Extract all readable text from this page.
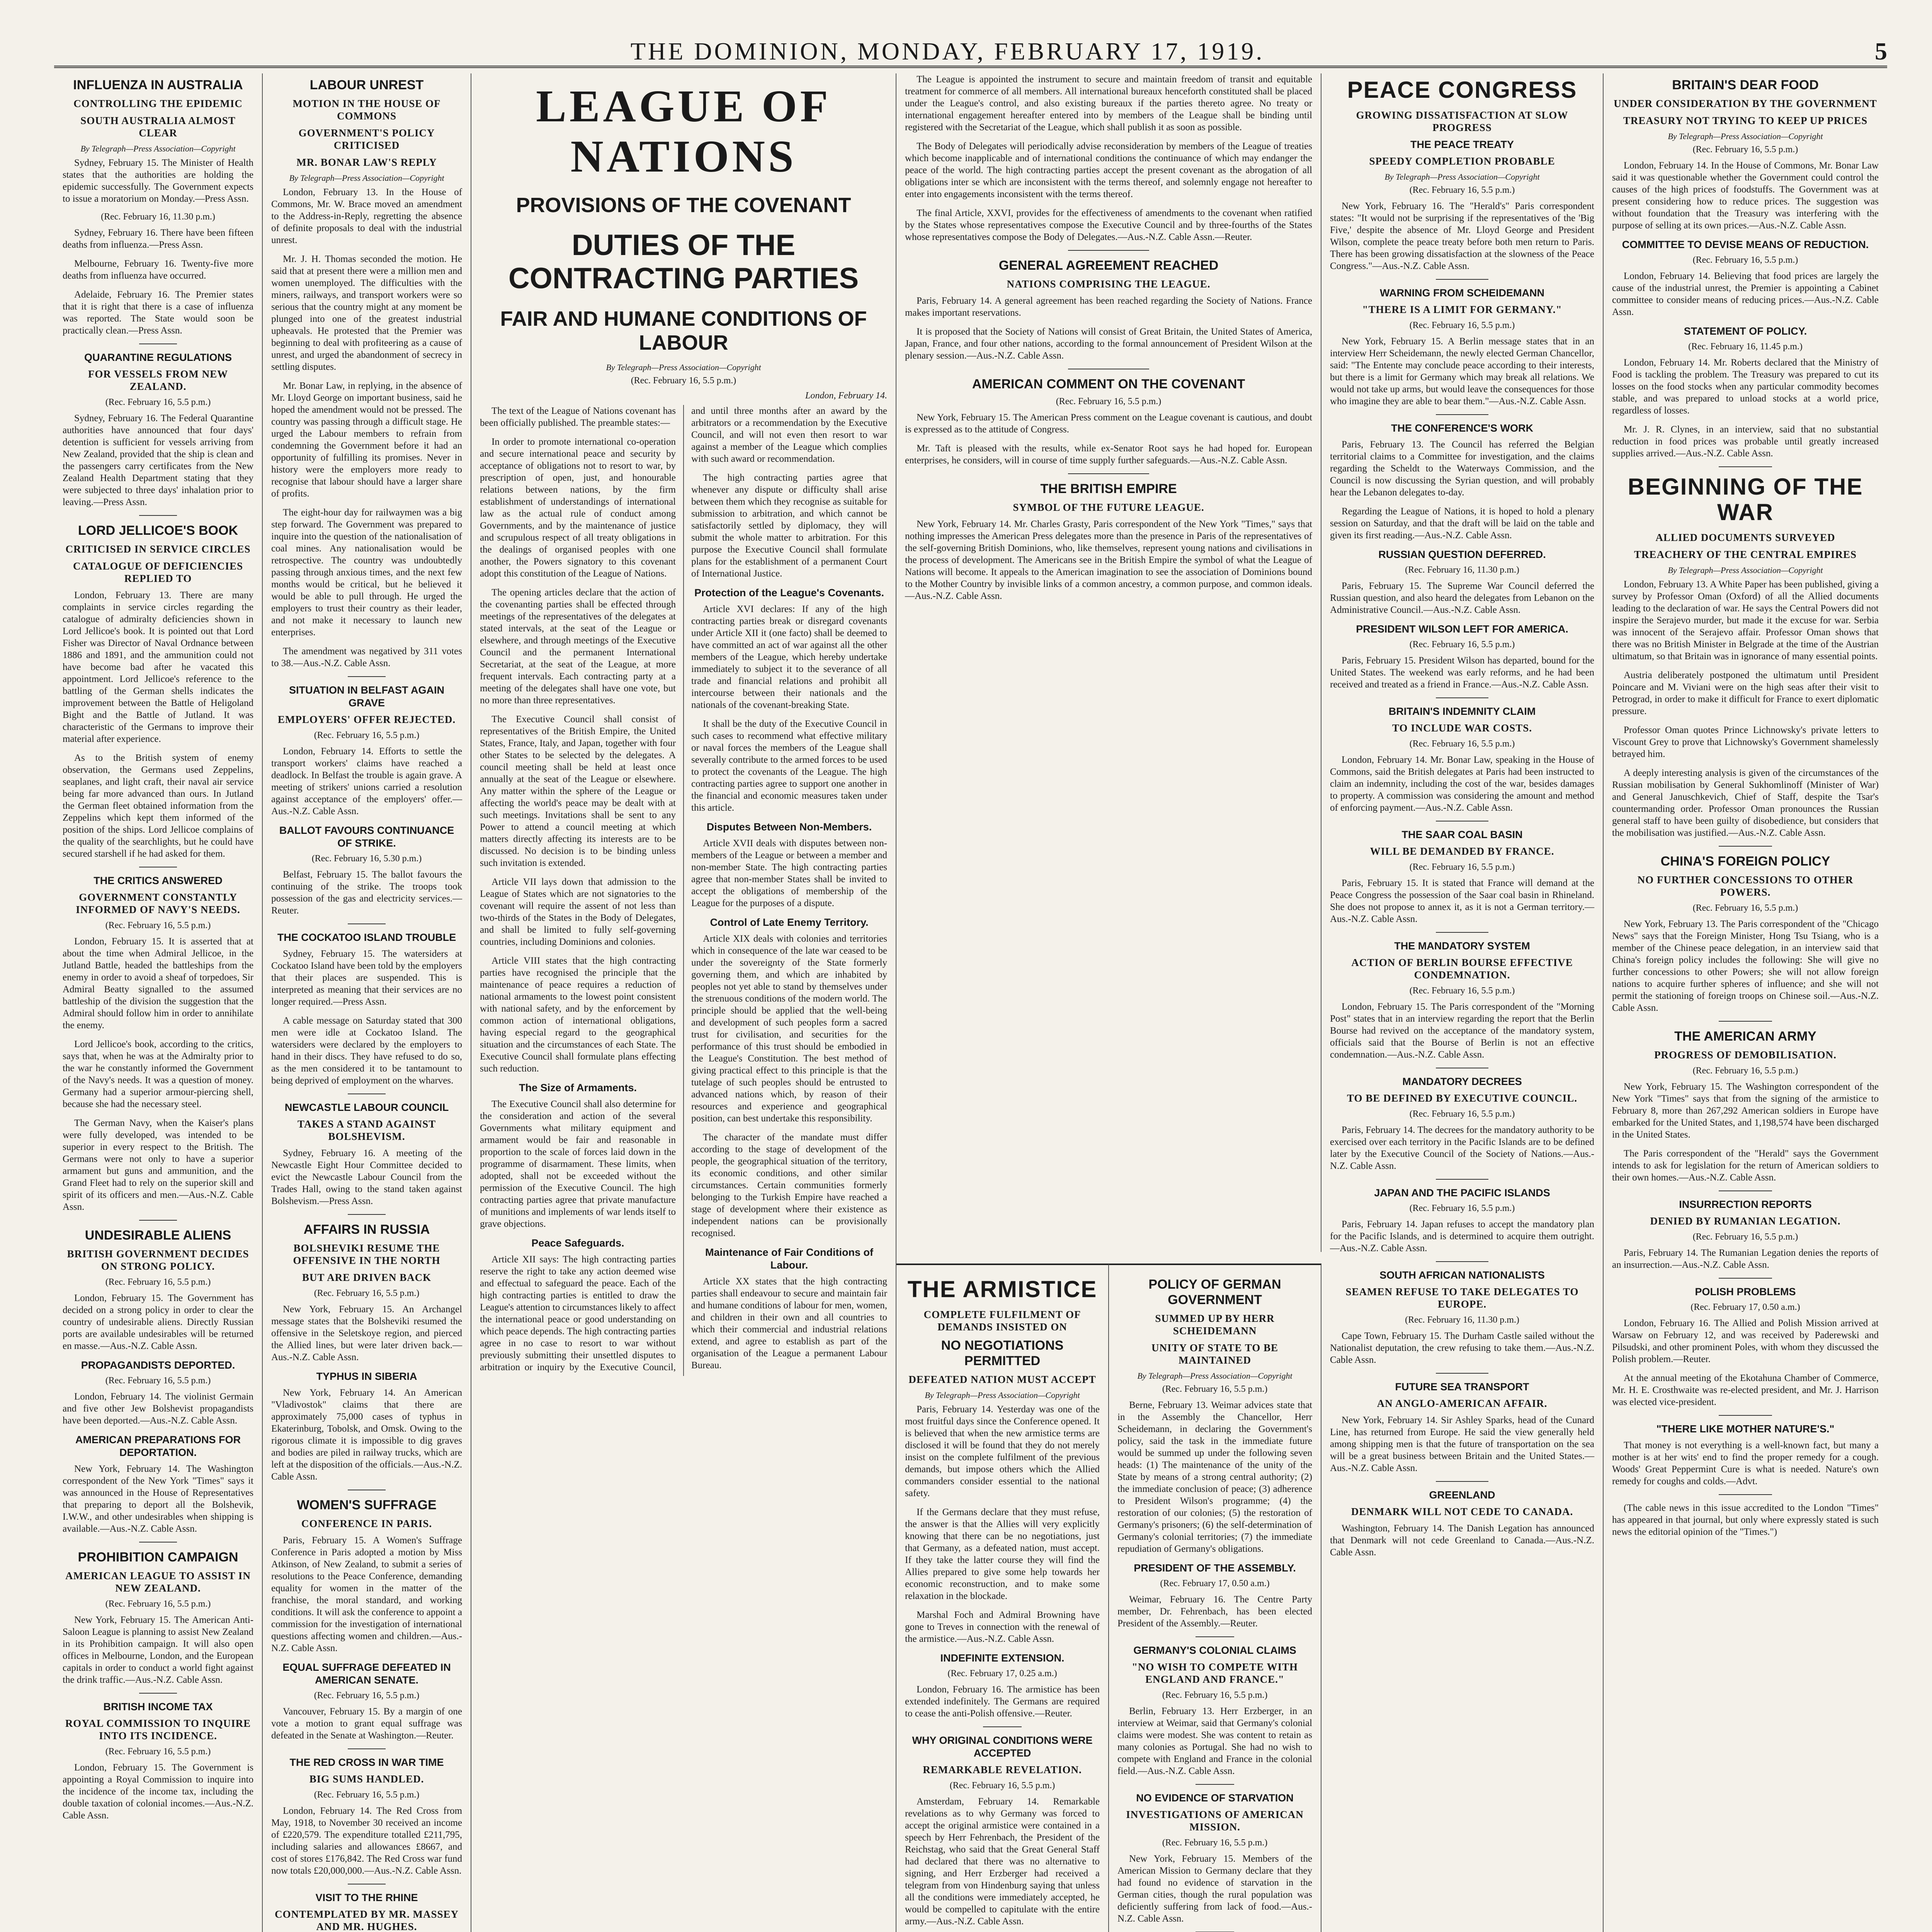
THE DOMINION, MONDAY, FEBRUARY 17, 1919.	5
INFLUENZA IN AUSTRALIA
CONTROLLING THE EPIDEMIC
SOUTH AUSTRALIA ALMOST CLEAR
By Telegraph—Press Association—Copyright

Sydney, February 15. The Minister of Health states that the authorities are holding the epidemic successfully. The Government expects to issue a moratorium on Monday.—Press Assn.

(Rec. February 16, 11.30 p.m.)

Sydney, February 16. There have been fifteen deaths from influenza.—Press Assn.

Melbourne, February 16. Twenty-five more deaths from influenza have occurred.

Adelaide, February 16. The Premier states that it is right that there is a case of influenza was reported. The State would soon be practically clean.—Press Assn.

QUARANTINE REGULATIONS
FOR VESSELS FROM NEW ZEALAND.
(Rec. February 16, 5.5 p.m.)

Sydney, February 16. The Federal Quarantine authorities have announced that four days' detention is sufficient for vessels arriving from New Zealand, provided that the ship is clean and the passengers carry certificates from the New Zealand Health Department stating that they were subjected to three days' inhalation prior to leaving.—Press Assn.

LORD JELLICOE'S BOOK
CRITICISED IN SERVICE CIRCLES
CATALOGUE OF DEFICIENCIES REPLIED TO

London, February 13. There are many complaints in service circles regarding the catalogue of admiralty deficiencies shown in Lord Jellicoe's book. It is pointed out that Lord Fisher was Director of Naval Ordnance between 1886 and 1891, and the ammunition could not have become bad after he vacated this appointment. Lord Jellicoe's reference to the battling of the German shells indicates the improvement between the Battle of Heligoland Bight and the Battle of Jutland. It was characteristic of the Germans to improve their material after experience.

As to the British system of enemy observation, the Germans used Zeppelins, seaplanes, and light craft, their naval air service being far more advanced than ours. In Jutland the German fleet obtained information from the Zeppelins which kept them informed of the position of the ships. Lord Jellicoe complains of the quality of the searchlights, but he could have secured starshell if he had asked for them.

THE CRITICS ANSWERED
GOVERNMENT CONSTANTLY INFORMED OF NAVY'S NEEDS.
(Rec. February 16, 5.5 p.m.)

London, February 15. It is asserted that at about the time when Admiral Jellicoe, in the Jutland Battle, headed the battleships from the enemy in order to avoid a sheaf of torpedoes, Sir Admiral Beatty signalled to the assumed battleship of the division the suggestion that the Admiral should follow him in order to annihilate the enemy.

Lord Jellicoe's book, according to the critics, says that, when he was at the Admiralty prior to the war he constantly informed the Government of the Navy's needs. It was a question of money. Germany had a superior armour-piercing shell, because she had the necessary steel.

The German Navy, when the Kaiser's plans were fully developed, was intended to be superior in every respect to the British. The Germans were not only to have a superior armament but guns and ammunition, and the Grand Fleet had to rely on the superior skill and spirit of its officers and men.—Aus.-N.Z. Cable Assn.

UNDESIRABLE ALIENS
BRITISH GOVERNMENT DECIDES ON STRONG POLICY.
(Rec. February 16, 5.5 p.m.)

London, February 15. The Government has decided on a strong policy in order to clear the country of undesirable aliens. Directly Russian ports are available undesirables will be returned en masse.—Aus.-N.Z. Cable Assn.

PROPAGANDISTS DEPORTED.
(Rec. February 16, 5.5 p.m.)

London, February 14. The violinist Germain and five other Jew Bolshevist propagandists have been deported.—Aus.-N.Z. Cable Assn.

AMERICAN PREPARATIONS FOR DEPORTATION.

New York, February 14. The Washington correspondent of the New York "Times" says it was announced in the House of Representatives that preparing to deport all the Bolshevik, I.W.W., and other undesirables when shipping is available.—Aus.-N.Z. Cable Assn.

PROHIBITION CAMPAIGN
AMERICAN LEAGUE TO ASSIST IN NEW ZEALAND.
(Rec. February 16, 5.5 p.m.)

New York, February 15. The American Anti-Saloon League is planning to assist New Zealand in its Prohibition campaign. It will also open offices in Melbourne, London, and the European capitals in order to conduct a world fight against the drink traffic.—Aus.-N.Z. Cable Assn.

BRITISH INCOME TAX
ROYAL COMMISSION TO INQUIRE INTO ITS INCIDENCE.
(Rec. February 16, 5.5 p.m.)

London, February 15. The Government is appointing a Royal Commission to inquire into the incidence of the income tax, including the double taxation of colonial incomes.—Aus.-N.Z. Cable Assn.

LABOUR UNREST
MOTION IN THE HOUSE OF COMMONS
GOVERNMENT'S POLICY CRITICISED
MR. BONAR LAW'S REPLY
By Telegraph—Press Association—Copyright

London, February 13. In the House of Commons, Mr. W. Brace moved an amendment to the Address-in-Reply, regretting the absence of definite proposals to deal with the industrial unrest.

Mr. J. H. Thomas seconded the motion. He said that at present there were a million men and women unemployed. The difficulties with the miners, railways, and transport workers were so serious that the country might at any moment be plunged into one of the greatest industrial upheavals. He protested that the Premier was beginning to deal with profiteering as a cause of unrest, and urged the abandonment of secrecy in settling disputes.

Mr. Bonar Law, in replying, in the absence of Mr. Lloyd George on important business, said he hoped the amendment would not be pressed. The country was passing through a difficult stage. He urged the Labour members to refrain from condemning the Government before it had an opportunity of fulfilling its promises. Never in history were the employers more ready to recognise that labour should have a larger share of profits.

The eight-hour day for railwaymen was a big step forward. The Government was prepared to inquire into the question of the nationalisation of coal mines. Any nationalisation would be retrospective. The country was undoubtedly passing through anxious times, and the next few months would be critical, but he believed it would be able to pull through. He urged the employers to trust their country as their leader, and not make it necessary to launch new enterprises.

The amendment was negatived by 311 votes to 38.—Aus.-N.Z. Cable Assn.

SITUATION IN BELFAST AGAIN GRAVE
EMPLOYERS' OFFER REJECTED.
(Rec. February 16, 5.5 p.m.)

London, February 14. Efforts to settle the transport workers' claims have reached a deadlock. In Belfast the trouble is again grave. A meeting of strikers' unions carried a resolution against acceptance of the employers' offer.—Aus.-N.Z. Cable Assn.

BALLOT FAVOURS CONTINUANCE OF STRIKE.
(Rec. February 16, 5.30 p.m.)

Belfast, February 15. The ballot favours the continuing of the strike. The troops took possession of the gas and electricity services.—Reuter.

THE COCKATOO ISLAND TROUBLE

Sydney, February 15. The watersiders at Cockatoo Island have been told by the employers that their places are suspended. This is interpreted as meaning that their services are no longer required.—Press Assn.

A cable message on Saturday stated that 300 men were idle at Cockatoo Island. The watersiders were declared by the employers to hand in their discs. They have refused to do so, as the men considered it to be tantamount to being deprived of employment on the wharves.

NEWCASTLE LABOUR COUNCIL
TAKES A STAND AGAINST BOLSHEVISM.

Sydney, February 16. A meeting of the Newcastle Eight Hour Committee decided to evict the Newcastle Labour Council from the Trades Hall, owing to the stand taken against Bolshevism.—Press Assn.

AFFAIRS IN RUSSIA
BOLSHEVIKI RESUME THE OFFENSIVE IN THE NORTH
BUT ARE DRIVEN BACK
(Rec. February 16, 5.5 p.m.)

New York, February 15. An Archangel message states that the Bolsheviki resumed the offensive in the Seletskoye region, and pierced the Allied lines, but were later driven back.—Aus.-N.Z. Cable Assn.

TYPHUS IN SIBERIA

New York, February 14. An American "Vladivostok" claims that there are approximately 75,000 cases of typhus in Ekaterinburg, Tobolsk, and Omsk. Owing to the rigorous climate it is impossible to dig graves and bodies are piled in railway trucks, which are left at the disposition of the officials.—Aus.-N.Z. Cable Assn.

WOMEN'S SUFFRAGE
CONFERENCE IN PARIS.

Paris, February 15. A Women's Suffrage Conference in Paris adopted a motion by Miss Atkinson, of New Zealand, to submit a series of resolutions to the Peace Conference, demanding equality for women in the matter of the franchise, the moral standard, and working conditions. It will ask the conference to appoint a commission for the investigation of international questions affecting women and children.—Aus.-N.Z. Cable Assn.

EQUAL SUFFRAGE DEFEATED IN AMERICAN SENATE.
(Rec. February 16, 5.5 p.m.)

Vancouver, February 15. By a margin of one vote a motion to grant equal suffrage was defeated in the Senate at Washington.—Reuter.

THE RED CROSS IN WAR TIME
BIG SUMS HANDLED.
(Rec. February 16, 5.5 p.m.)

London, February 14. The Red Cross from May, 1918, to November 30 received an income of £220,579. The expenditure totalled £211,795, including salaries and allowances £8667, and cost of stores £176,842. The Red Cross war fund now totals £20,000,000.—Aus.-N.Z. Cable Assn.

VISIT TO THE RHINE
CONTEMPLATED BY MR. MASSEY AND MR. HUGHES.

LEAGUE OF NATIONS
PROVISIONS OF THE COVENANT
DUTIES OF THE CONTRACTING PARTIES
FAIR AND HUMANE CONDITIONS OF LABOUR
By Telegraph—Press Association—Copyright
(Rec. February 16, 5.5 p.m.)
London, February 14.

The text of the League of Nations covenant has been officially published. The preamble states:—

In order to promote international co-operation and secure international peace and security by acceptance of obligations not to resort to war, by prescription of open, just, and honourable relations between nations, by the firm establishment of understandings of international law as the actual rule of conduct among Governments, and by the maintenance of justice and scrupulous respect of all treaty obligations in the dealings of organised peoples with one another, the Powers signatory to this covenant adopt this constitution of the League of Nations.

The opening articles declare that the action of the covenanting parties shall be effected through meetings of the representatives of the delegates at stated intervals, at the seat of the League or elsewhere, and through meetings of the Executive Council and the permanent International Secretariat, at the seat of the League, at more frequent intervals. Each contracting party at a meeting of the delegates shall have one vote, but no more than three representatives.

The Executive Council shall consist of representatives of the British Empire, the United States, France, Italy, and Japan, together with four other States to be selected by the delegates. A council meeting shall be held at least once annually at the seat of the League or elsewhere. Any matter within the sphere of the League or affecting the world's peace may be dealt with at such meetings. Invitations shall be sent to any Power to attend a council meeting at which matters directly affecting its interests are to be discussed. No decision is to be binding unless such invitation is extended.

Article VII lays down that admission to the League of States which are not signatories to the covenant will require the assent of not less than two-thirds of the States in the Body of Delegates, and shall be limited to fully self-governing countries, including Dominions and colonies.

Article VIII states that the high contracting parties have recognised the principle that the maintenance of peace requires a reduction of national armaments to the lowest point consistent with national safety, and by the enforcement by common action of international obligations, having especial regard to the geographical situation and the circumstances of each State. The Executive Council shall formulate plans effecting such reduction.

The Size of Armaments.

The Executive Council shall also determine for the consideration and action of the several Governments what military equipment and armament would be fair and reasonable in proportion to the scale of forces laid down in the programme of disarmament. These limits, when adopted, shall not be exceeded without the permission of the Executive Council. The high contracting parties agree that private manufacture of munitions and implements of war lends itself to grave objections.

Peace Safeguards.

Article XII says: The high contracting parties reserve the right to take any action deemed wise and effectual to safeguard the peace. Each of the high contracting parties is entitled to draw the League's attention to circumstances likely to affect the international peace or good understanding on which peace depends. The high contracting parties agree in no case to resort to war without previously submitting their unsettled disputes to arbitration or inquiry by the Executive Council, and until three months after an award by the arbitrators or a recommendation by the Executive Council, and will not even then resort to war against a member of the League which complies with such award or recommendation.

The high contracting parties agree that whenever any dispute or difficulty shall arise between them which they recognise as suitable for submission to arbitration, and which cannot be satisfactorily settled by diplomacy, they will submit the whole matter to arbitration. For this purpose the Executive Council shall formulate plans for the establishment of a permanent Court of International Justice.

Protection of the League's Covenants.

Article XVI declares: If any of the high contracting parties break or disregard covenants under Article XII it (one facto) shall be deemed to have committed an act of war against all the other members of the League, which hereby undertake immediately to subject it to the severance of all trade and financial relations and prohibit all intercourse between their nationals and the nationals of the covenant-breaking State.

It shall be the duty of the Executive Council in such cases to recommend what effective military or naval forces the members of the League shall severally contribute to the armed forces to be used to protect the covenants of the League. The high contracting parties agree to support one another in the financial and economic measures taken under this article.

Disputes Between Non-Members.

Article XVII deals with disputes between non-members of the League or between a member and non-member State. The high contracting parties agree that non-member States shall be invited to accept the obligations of membership of the League for the purposes of a dispute.

Control of Late Enemy Territory.

Article XIX deals with colonies and territories which in consequence of the late war ceased to be under the sovereignty of the State formerly governing them, and which are inhabited by peoples not yet able to stand by themselves under the strenuous conditions of the modern world. The principle should be applied that the well-being and development of such peoples form a sacred trust for civilisation, and securities for the performance of this trust should be embodied in the League's Constitution. The best method of giving practical effect to this principle is that the tutelage of such peoples should be entrusted to advanced nations which, by reason of their resources and experience and geographical position, can best undertake this responsibility.

The character of the mandate must differ according to the stage of development of the people, the geographical situation of the territory, its economic conditions, and other similar circumstances. Certain communities formerly belonging to the Turkish Empire have reached a stage of development where their existence as independent nations can be provisionally recognised.

Maintenance of Fair Conditions of Labour.

Article XX states that the high contracting parties shall endeavour to secure and maintain fair and humane conditions of labour for men, women, and children in their own and all countries to which their commercial and industrial relations extend, and agree to establish as part of the organisation of the League a permanent Labour Bureau.

The League is appointed the instrument to secure and maintain freedom of transit and equitable treatment for commerce of all members. All international bureaux henceforth constituted shall be placed under the League's control, and also existing bureaux if the parties thereto agree. No treaty or international engagement hereafter entered into by members of the League shall be binding until registered with the Secretariat of the League, which shall publish it as soon as possible.

The Body of Delegates will periodically advise reconsideration by members of the League of treaties which become inapplicable and of international conditions the continuance of which may endanger the peace of the world. The high contracting parties accept the present covenant as the abrogation of all obligations inter se which are inconsistent with the terms thereof, and solemnly engage not hereafter to enter into engagements inconsistent with the terms thereof.

The final Article, XXVI, provides for the effectiveness of amendments to the covenant when ratified by the States whose representatives compose the Executive Council and by three-fourths of the States whose representatives compose the Body of Delegates.—Aus.-N.Z. Cable Assn.—Reuter.

GENERAL AGREEMENT REACHED
NATIONS COMPRISING THE LEAGUE.

Paris, February 14. A general agreement has been reached regarding the Society of Nations. France makes important reservations.

It is proposed that the Society of Nations will consist of Great Britain, the United States of America, Japan, France, and four other nations, according to the formal announcement of President Wilson at the plenary session.—Aus.-N.Z. Cable Assn.

AMERICAN COMMENT ON THE COVENANT
(Rec. February 16, 5.5 p.m.)

New York, February 15. The American Press comment on the League covenant is cautious, and doubt is expressed as to the attitude of Congress.

Mr. Taft is pleased with the results, while ex-Senator Root says he had hoped for. European enterprises, he considers, will in course of time supply further safeguards.—Aus.-N.Z. Cable Assn.

THE BRITISH EMPIRE
SYMBOL OF THE FUTURE LEAGUE.

New York, February 14. Mr. Charles Grasty, Paris correspondent of the New York "Times," says that nothing impresses the American Press delegates more than the presence in Paris of the representatives of the self-governing British Dominions, who, like themselves, represent young nations and civilisations in the process of development. The Americans see in the British Empire the symbol of what the League of Nations will become. It appeals to the American imagination to see the association of Dominions bound to the Mother Country by invisible links of a common ancestry, a common purpose, and common ideals.—Aus.-N.Z. Cable Assn.

THE ARMISTICE
COMPLETE FULFILMENT OF DEMANDS INSISTED ON
NO NEGOTIATIONS PERMITTED
DEFEATED NATION MUST ACCEPT
By Telegraph—Press Association—Copyright

Paris, February 14. Yesterday was one of the most fruitful days since the Conference opened. It is believed that when the new armistice terms are disclosed it will be found that they do not merely insist on the complete fulfilment of the previous demands, but impose others which the Allied commanders consider essential to the national safety.

If the Germans declare that they must refuse, the answer is that the Allies will very explicitly knowing that there can be no negotiations, just that Germany, as a defeated nation, must accept. If they take the latter course they will find the Allies prepared to give some help towards her economic reconstruction, and to make some relaxation in the blockade.

Marshal Foch and Admiral Browning have gone to Treves in connection with the renewal of the armistice.—Aus.-N.Z. Cable Assn.

INDEFINITE EXTENSION.
(Rec. February 17, 0.25 a.m.)

London, February 16. The armistice has been extended indefinitely. The Germans are required to cease the anti-Polish offensive.—Reuter.

WHY ORIGINAL CONDITIONS WERE ACCEPTED
REMARKABLE REVELATION.
(Rec. February 16, 5.5 p.m.)

Amsterdam, February 14. Remarkable revelations as to why Germany was forced to accept the original armistice were contained in a speech by Herr Fehrenbach, the President of the Reichstag, who said that the Great General Staff had declared that there was no alternative to signing, and Herr Erzberger had received a telegram from von Hindenburg saying that unless all the conditions were immediately accepted, he would be compelled to capitulate with the entire army.—Aus.-N.Z. Cable Assn.

POLICY OF GERMAN GOVERNMENT
SUMMED UP BY HERR SCHEIDEMANN
UNITY OF STATE TO BE MAINTAINED
By Telegraph—Press Association—Copyright
(Rec. February 16, 5.5 p.m.)

Berne, February 13. Weimar advices state that in the Assembly the Chancellor, Herr Scheidemann, in declaring the Government's policy, said the task in the immediate future would be summed up under the following seven heads: (1) The maintenance of the unity of the State by means of a strong central authority; (2) the immediate conclusion of peace; (3) adherence to President Wilson's programme; (4) the restoration of our colonies; (5) the restoration of Germany's prisoners; (6) the self-determination of Germany's colonial territories; (7) the immediate repudiation of Germany's obligations.

PRESIDENT OF THE ASSEMBLY.
(Rec. February 17, 0.50 a.m.)

Weimar, February 16. The Centre Party member, Dr. Fehrenbach, has been elected President of the Assembly.—Reuter.

GERMANY'S COLONIAL CLAIMS
"NO WISH TO COMPETE WITH ENGLAND AND FRANCE."
(Rec. February 16, 5.5 p.m.)

Berlin, February 13. Herr Erzberger, in an interview at Weimar, said that Germany's colonial claims were modest. She was content to retain as many colonies as Portugal. She had no wish to compete with England and France in the colonial field.—Aus.-N.Z. Cable Assn.

NO EVIDENCE OF STARVATION
INVESTIGATIONS OF AMERICAN MISSION.
(Rec. February 16, 5.5 p.m.)

New York, February 15. Members of the American Mission to Germany declare that they had found no evidence of starvation in the German cities, though the rural population was deficiently suffering from lack of food.—Aus.-N.Z. Cable Assn.

PEACE CONGRESS
GROWING DISSATISFACTION AT SLOW PROGRESS
THE PEACE TREATY
SPEEDY COMPLETION PROBABLE
By Telegraph—Press Association—Copyright
(Rec. February 16, 5.5 p.m.)

New York, February 16. The "Herald's" Paris correspondent states: "It would not be surprising if the representatives of the 'Big Five,' despite the absence of Mr. Lloyd George and President Wilson, complete the peace treaty before both men return to Paris. There has been growing dissatisfaction at the slowness of the Peace Congress."—Aus.-N.Z. Cable Assn.

WARNING FROM SCHEIDEMANN
"THERE IS A LIMIT FOR GERMANY."
(Rec. February 16, 5.5 p.m.)

New York, February 15. A Berlin message states that in an interview Herr Scheidemann, the newly elected German Chancellor, said: "The Entente may conclude peace according to their interests, but there is a limit for Germany which may break all relations. We would not take up arms, but would leave the consequences for those who imagine they are able to bear them."—Aus.-N.Z. Cable Assn.

THE CONFERENCE'S WORK

Paris, February 13. The Council has referred the Belgian territorial claims to a Committee for investigation, and the claims regarding the Scheldt to the Waterways Commission, and the Council is now discussing the Syrian question, and will probably hear the Lebanon delegates to-day.

Regarding the League of Nations, it is hoped to hold a plenary session on Saturday, and that the draft will be laid on the table and given its first reading.—Aus.-N.Z. Cable Assn.

RUSSIAN QUESTION DEFERRED.
(Rec. February 16, 11.30 p.m.)

Paris, February 15. The Supreme War Council deferred the Russian question, and also heard the delegates from Lebanon on the Administrative Council.—Aus.-N.Z. Cable Assn.

PRESIDENT WILSON LEFT FOR AMERICA.
(Rec. February 16, 5.5 p.m.)

Paris, February 15. President Wilson has departed, bound for the United States. The weekend was early reforms, and he had been received and treated as a friend in France.—Aus.-N.Z. Cable Assn.

BRITAIN'S INDEMNITY CLAIM
TO INCLUDE WAR COSTS.
(Rec. February 16, 5.5 p.m.)

London, February 14. Mr. Bonar Law, speaking in the House of Commons, said the British delegates at Paris had been instructed to claim an indemnity, including the cost of the war, besides damages to property. A commission was considering the amount and method of enforcing payment.—Aus.-N.Z. Cable Assn.

THE SAAR COAL BASIN
WILL BE DEMANDED BY FRANCE.
(Rec. February 16, 5.5 p.m.)

Paris, February 15. It is stated that France will demand at the Peace Congress the possession of the Saar coal basin in Rhineland. She does not propose to annex it, as it is not a German territory.—Aus.-N.Z. Cable Assn.

THE MANDATORY SYSTEM
ACTION OF BERLIN BOURSE EFFECTIVE CONDEMNATION.
(Rec. February 16, 5.5 p.m.)

London, February 15. The Paris correspondent of the "Morning Post" states that in an interview regarding the report that the Berlin Bourse had revived on the acceptance of the mandatory system, officials said that the Bourse of Berlin is not an effective condemnation.—Aus.-N.Z. Cable Assn.

MANDATORY DECREES
TO BE DEFINED BY EXECUTIVE COUNCIL.
(Rec. February 16, 5.5 p.m.)

Paris, February 14. The decrees for the mandatory authority to be exercised over each territory in the Pacific Islands are to be defined later by the Executive Council of the Society of Nations.—Aus.-N.Z. Cable Assn.

JAPAN AND THE PACIFIC ISLANDS
(Rec. February 16, 5.5 p.m.)

Paris, February 14. Japan refuses to accept the mandatory plan for the Pacific Islands, and is determined to acquire them outright.—Aus.-N.Z. Cable Assn.

SOUTH AFRICAN NATIONALISTS
SEAMEN REFUSE TO TAKE DELEGATES TO EUROPE.
(Rec. February 16, 11.30 p.m.)

Cape Town, February 15. The Durham Castle sailed without the Nationalist deputation, the crew refusing to take them.—Aus.-N.Z. Cable Assn.

FUTURE SEA TRANSPORT
AN ANGLO-AMERICAN AFFAIR.

New York, February 14. Sir Ashley Sparks, head of the Cunard Line, has returned from Europe. He said the view generally held among shipping men is that the future of transportation on the sea will be a great business between Britain and the United States.—Aus.-N.Z. Cable Assn.

GREENLAND
DENMARK WILL NOT CEDE TO CANADA.

Washington, February 14. The Danish Legation has announced that Denmark will not cede Greenland to Canada.—Aus.-N.Z. Cable Assn.

BRITAIN'S DEAR FOOD
UNDER CONSIDERATION BY THE GOVERNMENT
TREASURY NOT TRYING TO KEEP UP PRICES
By Telegraph—Press Association—Copyright
(Rec. February 16, 5.5 p.m.)

London, February 14. In the House of Commons, Mr. Bonar Law said it was questionable whether the Government could control the causes of the high prices of foodstuffs. The Government was at present considering how to reduce prices. The suggestion was without foundation that the Treasury was interfering with the purpose of selling at its own prices.—Aus.-N.Z. Cable Assn.

COMMITTEE TO DEVISE MEANS OF REDUCTION.
(Rec. February 16, 5.5 p.m.)

London, February 14. Believing that food prices are largely the cause of the industrial unrest, the Premier is appointing a Cabinet committee to consider means of reducing prices.—Aus.-N.Z. Cable Assn.

STATEMENT OF POLICY.
(Rec. February 16, 11.45 p.m.)

London, February 14. Mr. Roberts declared that the Ministry of Food is tackling the problem. The Treasury was prepared to cut its losses on the food stocks when any particular commodity becomes stable, and was prepared to unload stocks at a world price, regardless of losses.

Mr. J. R. Clynes, in an interview, said that no substantial reduction in food prices was probable until greatly increased supplies arrived.—Aus.-N.Z. Cable Assn.

BEGINNING OF THE WAR
ALLIED DOCUMENTS SURVEYED
TREACHERY OF THE CENTRAL EMPIRES
By Telegraph—Press Association—Copyright

London, February 13. A White Paper has been published, giving a survey by Professor Oman (Oxford) of all the Allied documents leading to the declaration of war. He says the Central Powers did not inspire the Serajevo murder, but made it the excuse for war. Serbia was innocent of the Serajevo affair. Professor Oman shows that there was no British Minister in Belgrade at the time of the Austrian ultimatum, so that Britain was in ignorance of many essential points.

Austria deliberately postponed the ultimatum until President Poincare and M. Viviani were on the high seas after their visit to Petrograd, in order to make it difficult for France to exert diplomatic pressure.

Professor Oman quotes Prince Lichnowsky's private letters to Viscount Grey to prove that Lichnowsky's Government shamelessly betrayed him.

A deeply interesting analysis is given of the circumstances of the Russian mobilisation by General Sukhomlinoff (Minister of War) and General Januschkevich, Chief of Staff, despite the Tsar's countermanding order. Professor Oman pronounces the Russian general staff to have been guilty of disobedience, but considers that the mobilisation was justified.—Aus.-N.Z. Cable Assn.

CHINA'S FOREIGN POLICY
NO FURTHER CONCESSIONS TO OTHER POWERS.
(Rec. February 16, 5.5 p.m.)

New York, February 13. The Paris correspondent of the "Chicago News" says that the Foreign Minister, Hong Tsu Tsiang, who is a member of the Chinese peace delegation, in an interview said that China's foreign policy includes the following: She will give no further concessions to other Powers; she will not allow foreign nations to acquire further spheres of influence; and she will not permit the stationing of foreign troops on Chinese soil.—Aus.-N.Z. Cable Assn.

THE AMERICAN ARMY
PROGRESS OF DEMOBILISATION.
(Rec. February 16, 5.5 p.m.)

New York, February 15. The Washington correspondent of the New York "Times" says that from the signing of the armistice to February 8, more than 267,292 American soldiers in Europe have embarked for the United States, and 1,198,574 have been discharged in the United States.

The Paris correspondent of the "Herald" says the Government intends to ask for legislation for the return of American soldiers to their own homes.—Aus.-N.Z. Cable Assn.

INSURRECTION REPORTS
DENIED BY RUMANIAN LEGATION.
(Rec. February 16, 5.5 p.m.)

Paris, February 14. The Rumanian Legation denies the reports of an insurrection.—Aus.-N.Z. Cable Assn.

POLISH PROBLEMS
(Rec. February 17, 0.50 a.m.)

London, February 16. The Allied and Polish Mission arrived at Warsaw on February 12, and was received by Paderewski and Pilsudski, and other prominent Poles, with whom they discussed the Polish problem.—Reuter.

At the annual meeting of the Ekotahuna Chamber of Commerce, Mr. H. E. Crosthwaite was re-elected president, and Mr. J. Harrison was elected vice-president.

"THERE LIKE MOTHER NATURE'S."

That money is not everything is a well-known fact, but many a mother is at her wits' end to find the proper remedy for a cough. Woods' Great Peppermint Cure is what is needed. Nature's own remedy for coughs and colds.—Advt.

(The cable news in this issue accredited to the London "Times" has appeared in that journal, but only where expressly stated is such news the editorial opinion of the "Times.")
